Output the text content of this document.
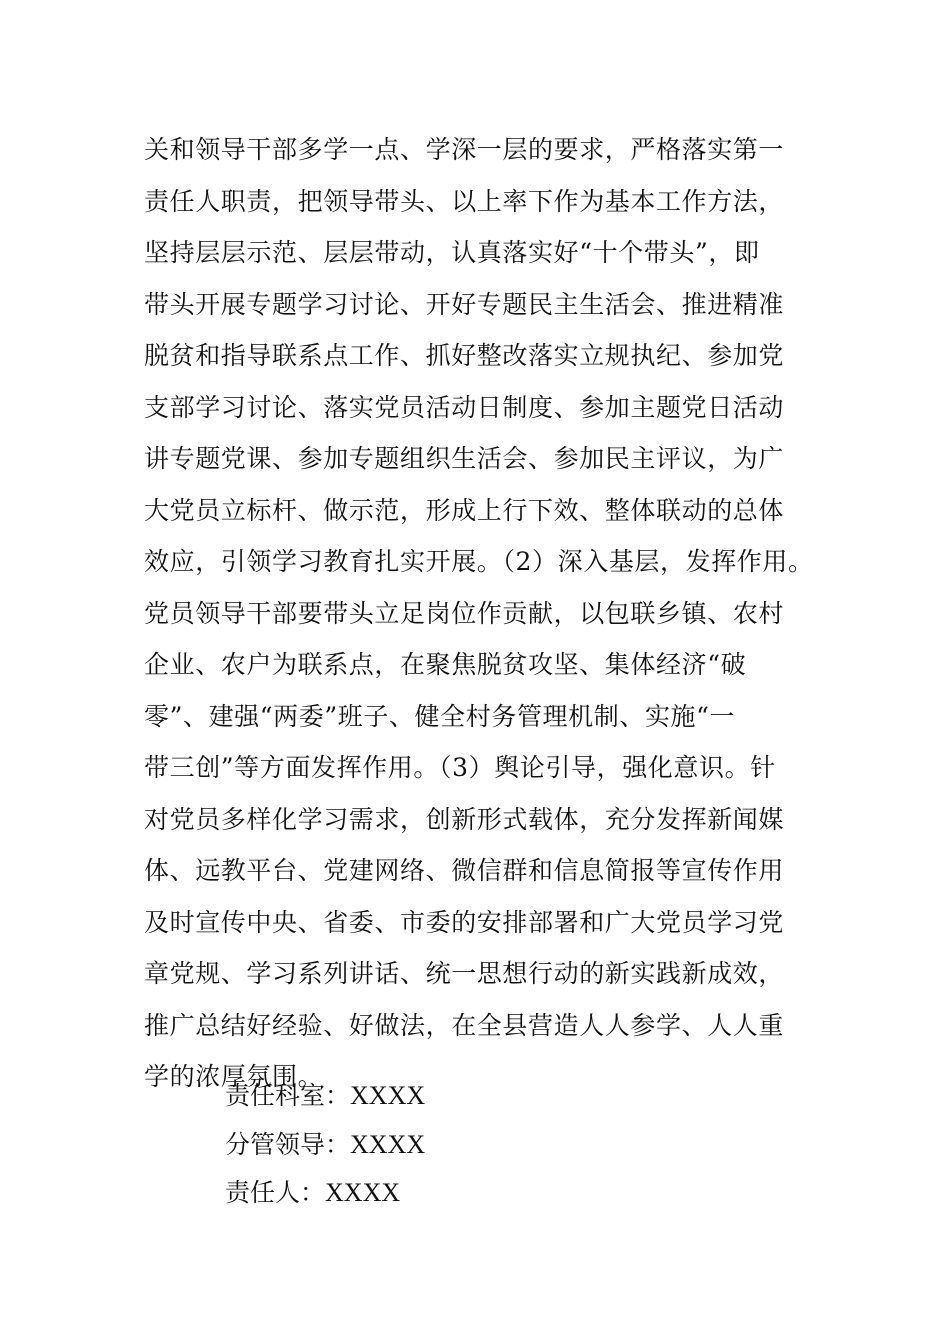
关和领导干部多学一点、学深一层的要求，严格落实第一
责任人职责，把领导带头、以上率下作为基本工作方法，
坚持层层示范、层层带动，认真落实好“十个带头”，即
带头开展专题学习讨论、开好专题民主生活会、推进精准
脱贫和指导联系点工作、抓好整改落实立规执纪、参加党
支部学习讨论、落实党员活动日制度、参加主题党日活动
讲专题党课、参加专题组织生活会、参加民主评议，为广
大党员立标杆、做示范，形成上行下效、整体联动的总体
效应，引领学习教育扎实开展。（2）深入基层，发挥作用。
党员领导干部要带头立足岗位作贡献，以包联乡镇、农村
企业、农户为联系点，在聚焦脱贫攻坚、集体经济“破
零”、建强“两委”班子、健全村务管理机制、实施“一
带三创”等方面发挥作用。（3）舆论引导，强化意识。针
对党员多样化学习需求，创新形式载体，充分发挥新闻媒
体、远教平台、党建网络、微信群和信息简报等宣传作用
及时宣传中央、省委、市委的安排部署和广大党员学习党
章党规、学习系列讲话、统一思想行动的新实践新成效，
推广总结好经验、好做法，在全县营造人人参学、人人重
学的浓厚氛围。
责任科室：XXXX
分管领导：XXXX
责任人：XXXX
